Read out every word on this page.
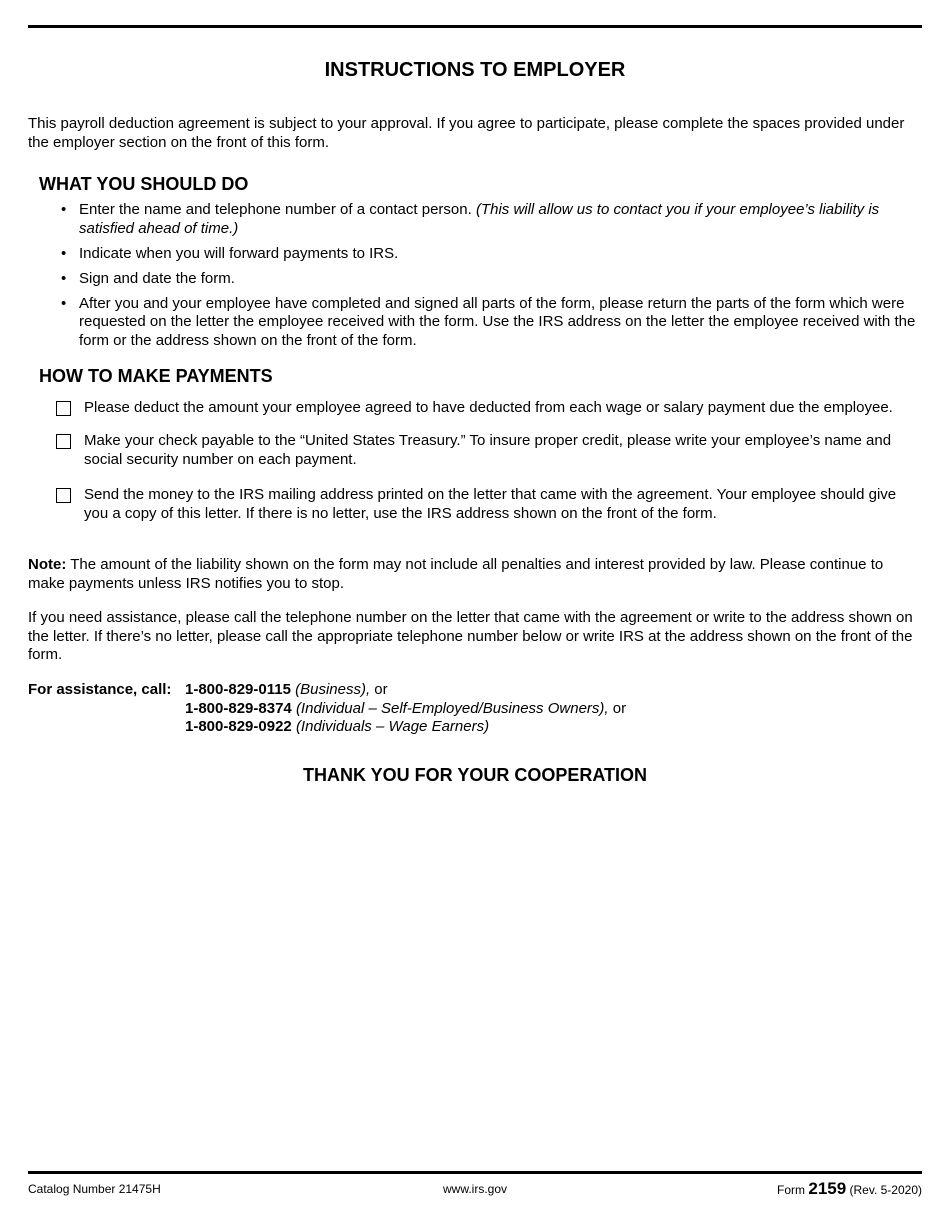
INSTRUCTIONS TO EMPLOYER

This payroll deduction agreement is subject to your approval. If you agree to participate, please complete the spaces provided under the employer section on the front of this form.

WHAT YOU SHOULD DO
• Enter the name and telephone number of a contact person. (This will allow us to contact you if your employee’s liability is satisfied ahead of time.)
• Indicate when you will forward payments to IRS.
• Sign and date the form.
• After you and your employee have completed and signed all parts of the form, please return the parts of the form which were requested on the letter the employee received with the form. Use the IRS address on the letter the employee received with the form or the address shown on the front of the form.
HOW TO MAKE PAYMENTS
Please deduct the amount your employee agreed to have deducted from each wage or salary payment due the employee.
Make your check payable to the “United States Treasury.” To insure proper credit, please write your employee’s name and social security number on each payment.
Send the money to the IRS mailing address printed on the letter that came with the agreement. Your employee should give you a copy of this letter. If there is no letter, use the IRS address shown on the front of the form.

Note: The amount of the liability shown on the form may not include all penalties and interest provided by law. Please continue to make payments unless IRS notifies you to stop.

If you need assistance, please call the telephone number on the letter that came with the agreement or write to the address shown on the letter. If there’s no letter, please call the appropriate telephone number below or write IRS at the address shown on the front of the form.

For assistance, call: 1-800-829-0115 (Business), or
1-800-829-8374 (Individual – Self-Employed/Business Owners), or
1-800-829-0922 (Individuals – Wage Earners)
THANK YOU FOR YOUR COOPERATION
Catalog Number 21475H	www.irs.gov	Form 2159 (Rev. 5-2020)
